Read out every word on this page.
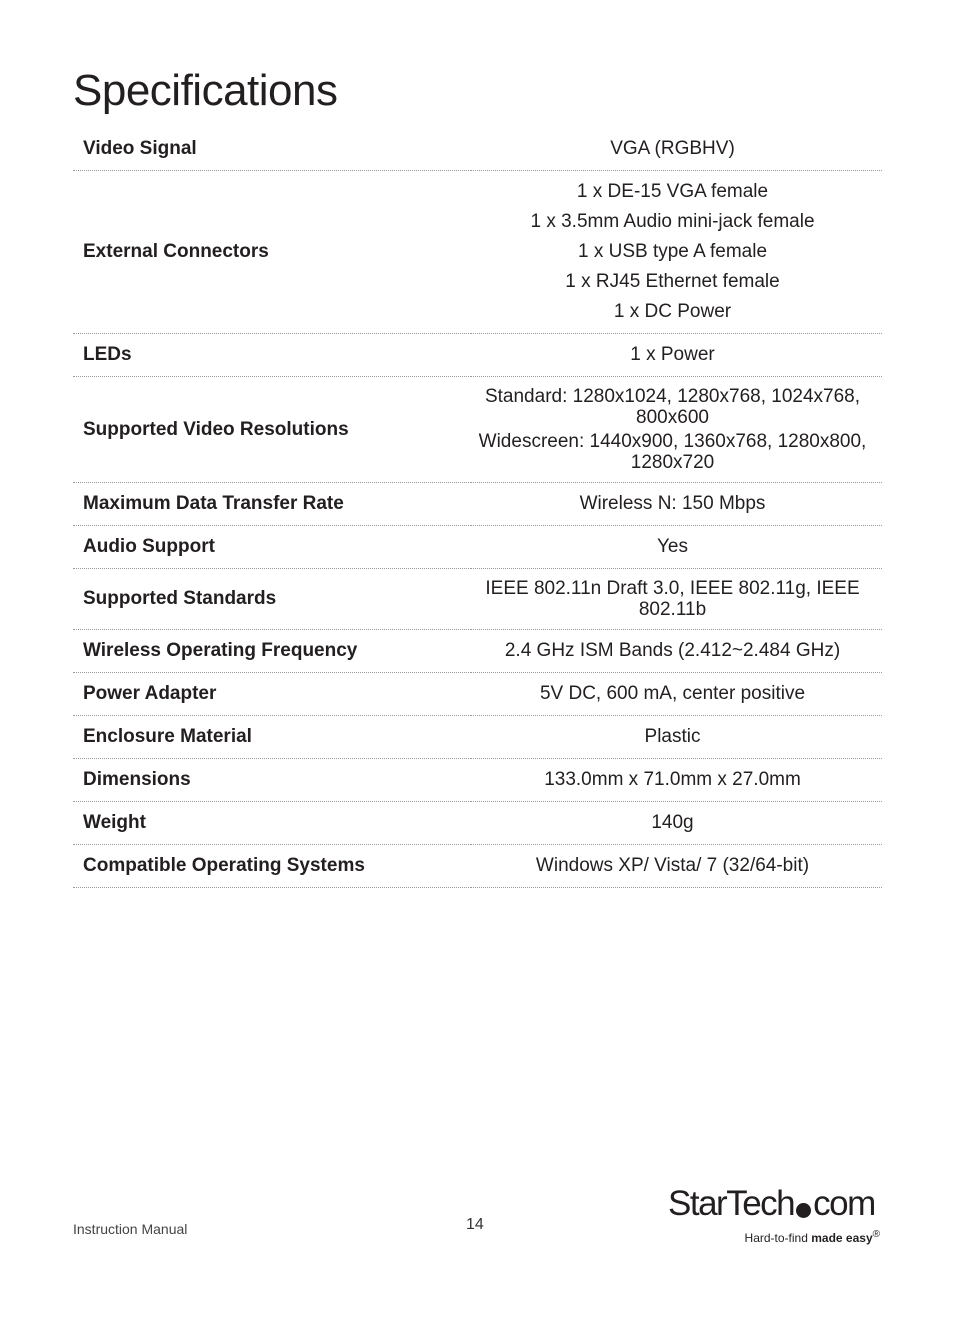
Specifications
Video Signal	VGA (RGBHV)

External Connectors	1 x DE-15 VGA female
1 x 3.5mm Audio mini-jack female
1 x USB type A female
1 x RJ45 Ethernet female
1 x DC Power

LEDs	1 x Power

Supported Video Resolutions	Standard: 1280x1024, 1280x768, 1024x768, 800x600
Widescreen: 1440x900, 1360x768, 1280x800, 1280x720

Maximum Data Transfer Rate	Wireless N: 150 Mbps

Audio Support	Yes

Supported Standards	IEEE 802.11n Draft 3.0, IEEE 802.11g, IEEE 802.11b

Wireless Operating Frequency	2.4 GHz ISM Bands (2.412~2.484 GHz)

Power Adapter	5V DC, 600 mA, center positive

Enclosure Material	Plastic

Dimensions	133.0mm x 71.0mm x 27.0mm

Weight	140g

Compatible Operating Systems	Windows XP/ Vista/ 7 (32/64-bit)
Instruction Manual	14
StarTech com
Hard-to-find made easy®
